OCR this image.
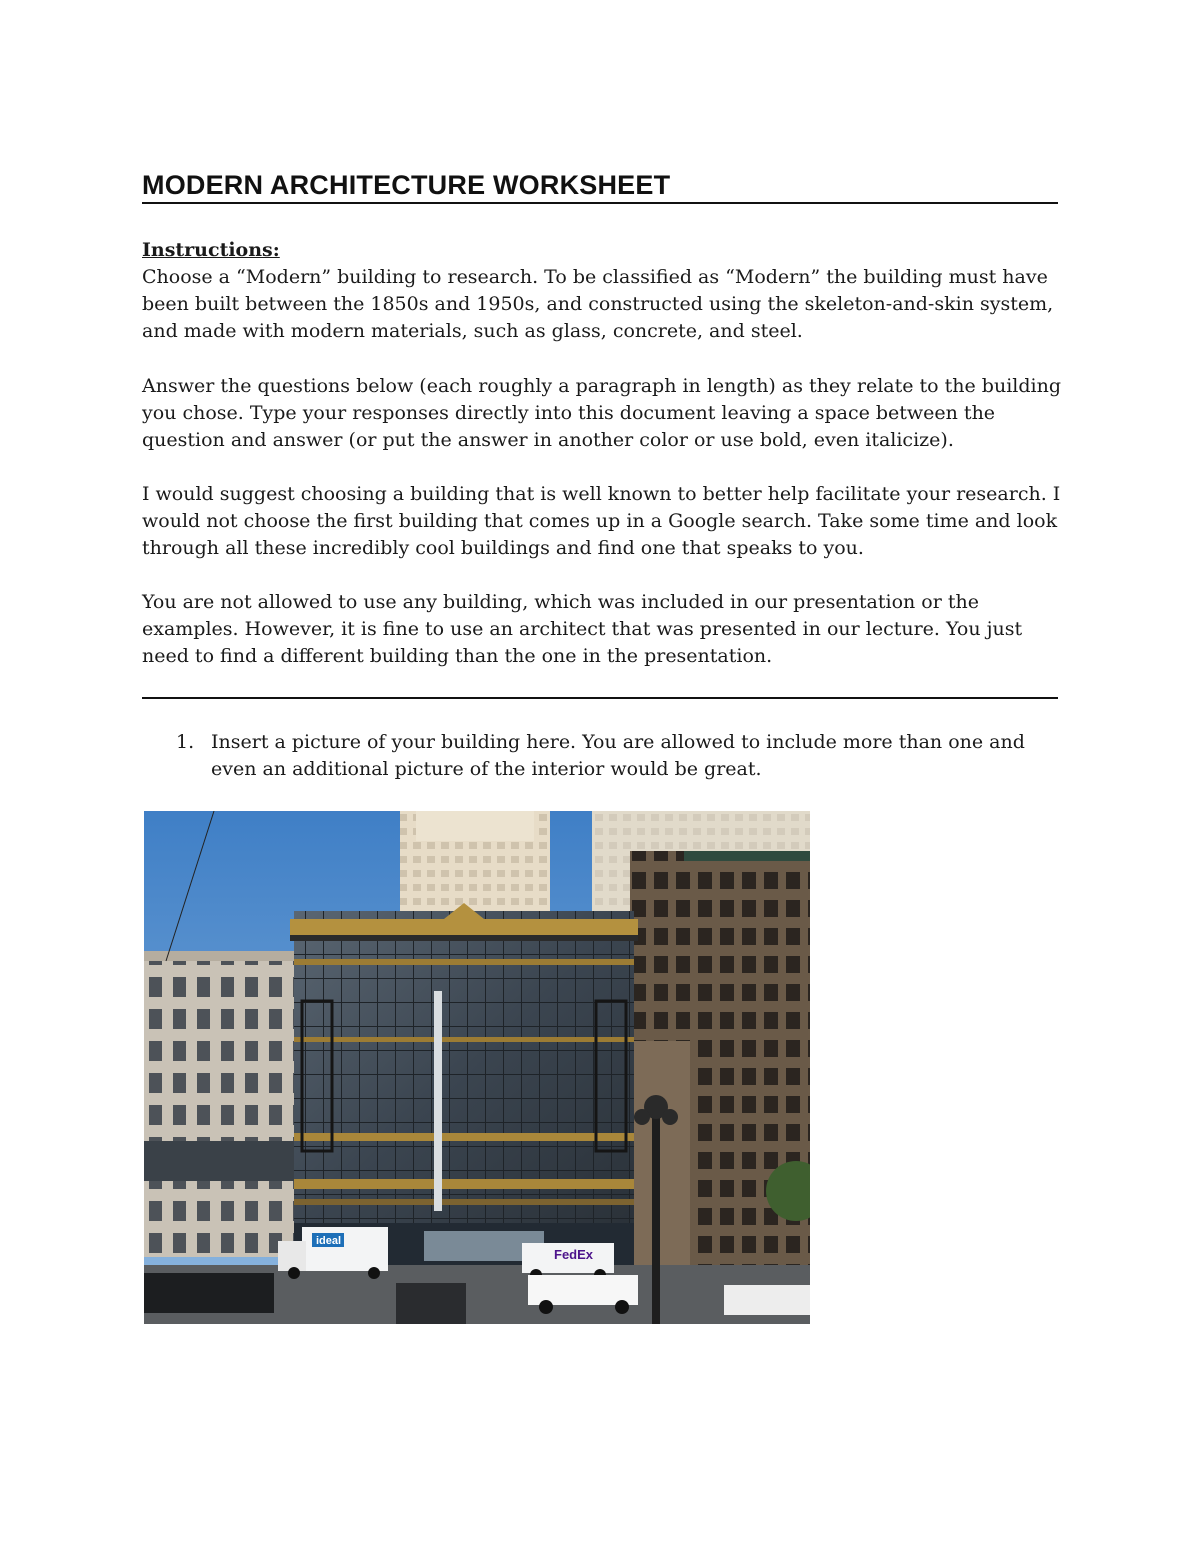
MODERN ARCHITECTURE WORKSHEET

Instructions:

Choose a “Modern” building to research. To be classified as “Modern” the building must have been built between the 1850s and 1950s, and constructed using the skeleton-and-skin system, and made with modern materials, such as glass, concrete, and steel.

Answer the questions below (each roughly a paragraph in length) as they relate to the building you chose. Type your responses directly into this document leaving a space between the question and answer (or put the answer in another color or use bold, even italicize).

I would suggest choosing a building that is well known to better help facilitate your research. I would not choose the first building that comes up in a Google search. Take some time and look through all these incredibly cool buildings and find one that speaks to you.

You are not allowed to use any building, which was included in our presentation or the examples. However, it is fine to use an architect that was presented in our lecture. You just need to find a different building than the one in the presentation.

1. Insert a picture of your building here. You are allowed to include more than one and even an additional picture of the interior would be great.
ideal
FedEx
